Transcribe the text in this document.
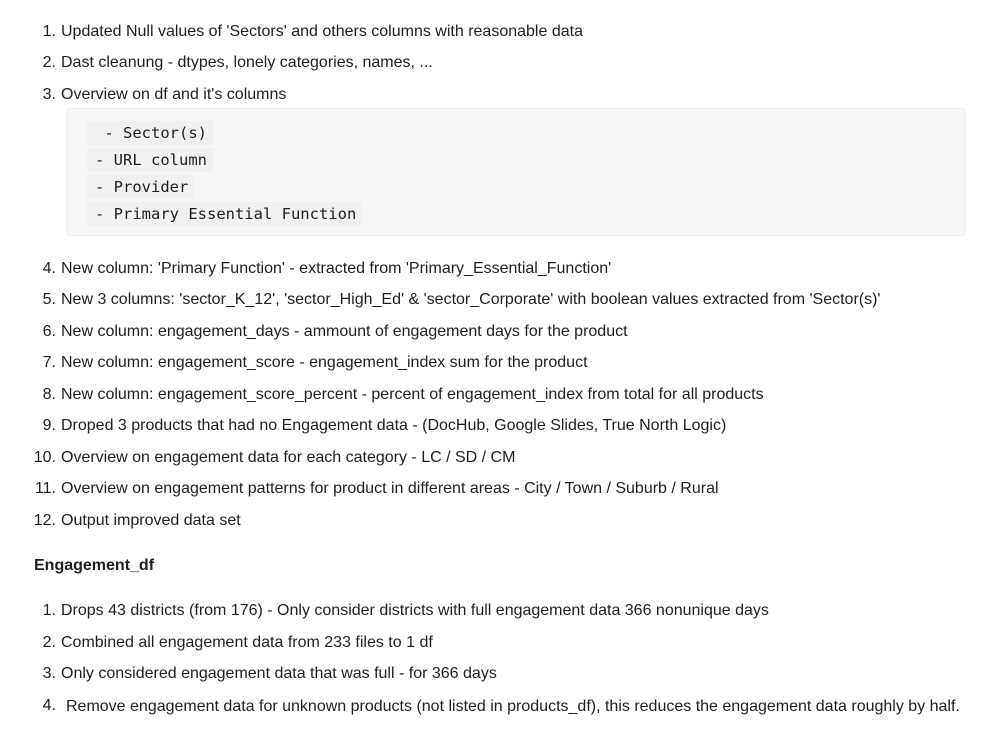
1. Updated Null values of 'Sectors' and others columns with reasonable data
2. Dast cleanung - dtypes, lonely categories, names, ...
3. Overview on df and it's columns
- Sector(s)
- URL column
- Provider
- Primary Essential Function
4. New column: 'Primary Function' - extracted from 'Primary_Essential_Function'
5. New 3 columns: 'sector_K_12', 'sector_High_Ed' & 'sector_Corporate' with boolean values extracted from 'Sector(s)'
6. New column: engagement_days - ammount of engagement days for the product
7. New column: engagement_score - engagement_index sum for the product
8. New column: engagement_score_percent - percent of engagement_index from total for all products
9. Droped 3 products that had no Engagement data - (DocHub, Google Slides, True North Logic)
10. Overview on engagement data for each category - LC / SD / CM
11. Overview on engagement patterns for product in different areas - City / Town / Suburb / Rural
12. Output improved data set
Engagement_df
1. Drops 43 districts (from 176) - Only consider districts with full engagement data 366 nonunique days
2. Combined all engagement data from 233 files to 1 df
3. Only considered engagement data that was full - for 366 days
4. Remove engagement data for unknown products (not listed in products_df), this reduces the engagement data roughly by half.
